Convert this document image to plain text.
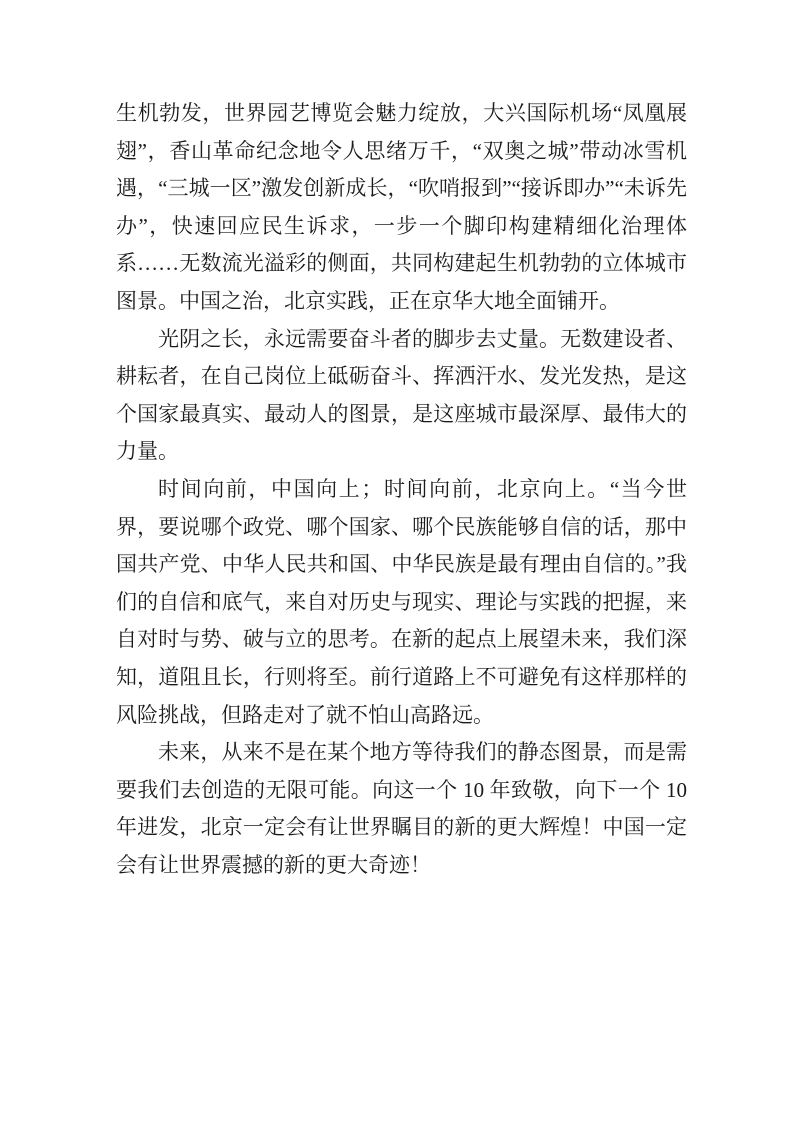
生机勃发，世界园艺博览会魅力绽放，大兴国际机场“凤凰展翅”，香山革命纪念地令人思绪万千，“双奥之城”带动冰雪机遇，“三城一区”激发创新成长，“吹哨报到”“接诉即办”“未诉先办”，快速回应民生诉求，一步一个脚印构建精细化治理体系……无数流光溢彩的侧面，共同构建起生机勃勃的立体城市图景。中国之治，北京实践，正在京华大地全面铺开。

光阴之长，永远需要奋斗者的脚步去丈量。无数建设者、耕耘者，在自己岗位上砥砺奋斗、挥洒汗水、发光发热，是这个国家最真实、最动人的图景，是这座城市最深厚、最伟大的力量。

时间向前，中国向上；时间向前，北京向上。“当今世界，要说哪个政党、哪个国家、哪个民族能够自信的话，那中国共产党、中华人民共和国、中华民族是最有理由自信的。”我们的自信和底气，来自对历史与现实、理论与实践的把握，来自对时与势、破与立的思考。在新的起点上展望未来，我们深知，道阻且长，行则将至。前行道路上不可避免有这样那样的风险挑战，但路走对了就不怕山高路远。

未来，从来不是在某个地方等待我们的静态图景，而是需要我们去创造的无限可能。向这一个 10 年致敬，向下一个 10 年进发，北京一定会有让世界瞩目的新的更大辉煌！中国一定会有让世界震撼的新的更大奇迹！
